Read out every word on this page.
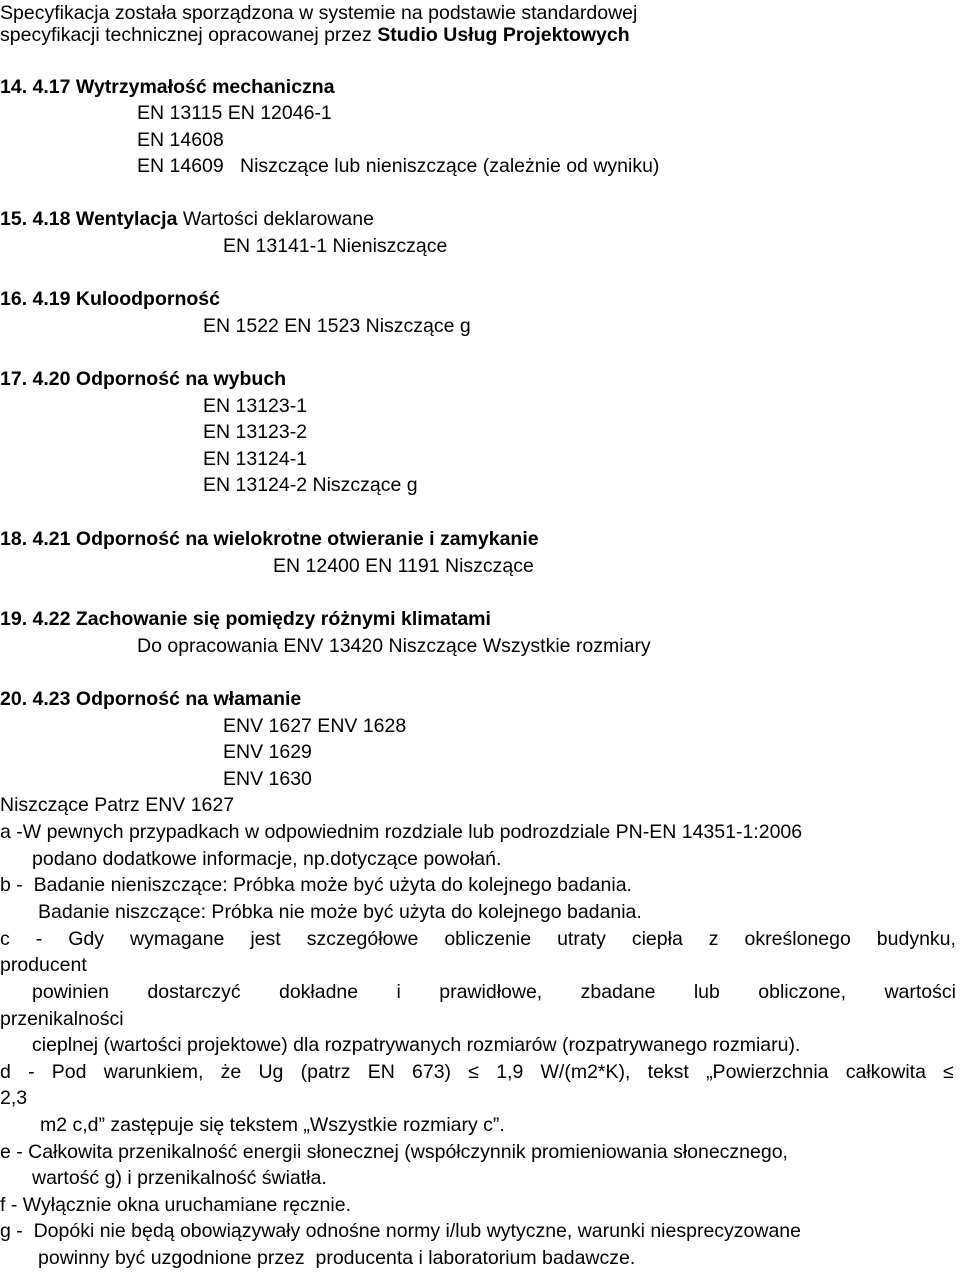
Specyfikacja została sporządzona w systemie na podstawie standardowej
specyfikacji technicznej opracowanej przez Studio Usług Projektowych
14. 4.17 Wytrzymałość mechaniczna
EN 13115 EN 12046-1
EN 14608
EN 14609   Niszczące lub nieniszczące (zależnie od wyniku)
15. 4.18 Wentylacja Wartości deklarowane
EN 13141-1 Nieniszczące
16. 4.19 Kuloodporność
EN 1522 EN 1523 Niszczące g
17. 4.20 Odporność na wybuch
EN 13123-1
EN 13123-2
EN 13124-1
EN 13124-2 Niszczące g
18. 4.21 Odporność na wielokrotne otwieranie i zamykanie
EN 12400 EN 1191 Niszczące
19. 4.22 Zachowanie się pomiędzy różnymi klimatami
Do opracowania ENV 13420 Niszczące Wszystkie rozmiary
20. 4.23 Odporność na włamanie
ENV 1627 ENV 1628
ENV 1629
ENV 1630
Niszczące Patrz ENV 1627
a -W pewnych przypadkach w odpowiednim rozdziale lub podrozdziale PN-EN 14351-1:2006
podano dodatkowe informacje, np.dotyczące powołań.
b -  Badanie nieniszczące: Próbka może być użyta do kolejnego badania.
Badanie niszczące: Próbka nie może być użyta do kolejnego badania.
c - Gdy wymagane jest szczegółowe obliczenie utraty ciepła z określonego budynku,
producent
powinien dostarczyć dokładne i prawidłowe, zbadane lub obliczone, wartości
przenikalności
cieplnej (wartości projektowe) dla rozpatrywanych rozmiarów (rozpatrywanego rozmiaru).
d - Pod warunkiem, że Ug (patrz EN 673) ≤ 1,9 W/(m2*K), tekst „Powierzchnia całkowita ≤
2,3
m2 c,d” zastępuje się tekstem „Wszystkie rozmiary c”.
e - Całkowita przenikalność energii słonecznej (współczynnik promieniowania słonecznego,
wartość g) i przenikalność światła.
f - Wyłącznie okna uruchamiane ręcznie.
g -  Dopóki nie będą obowiązywały odnośne normy i/lub wytyczne, warunki niesprecyzowane
powinny być uzgodnione przez  producenta i laboratorium badawcze.
